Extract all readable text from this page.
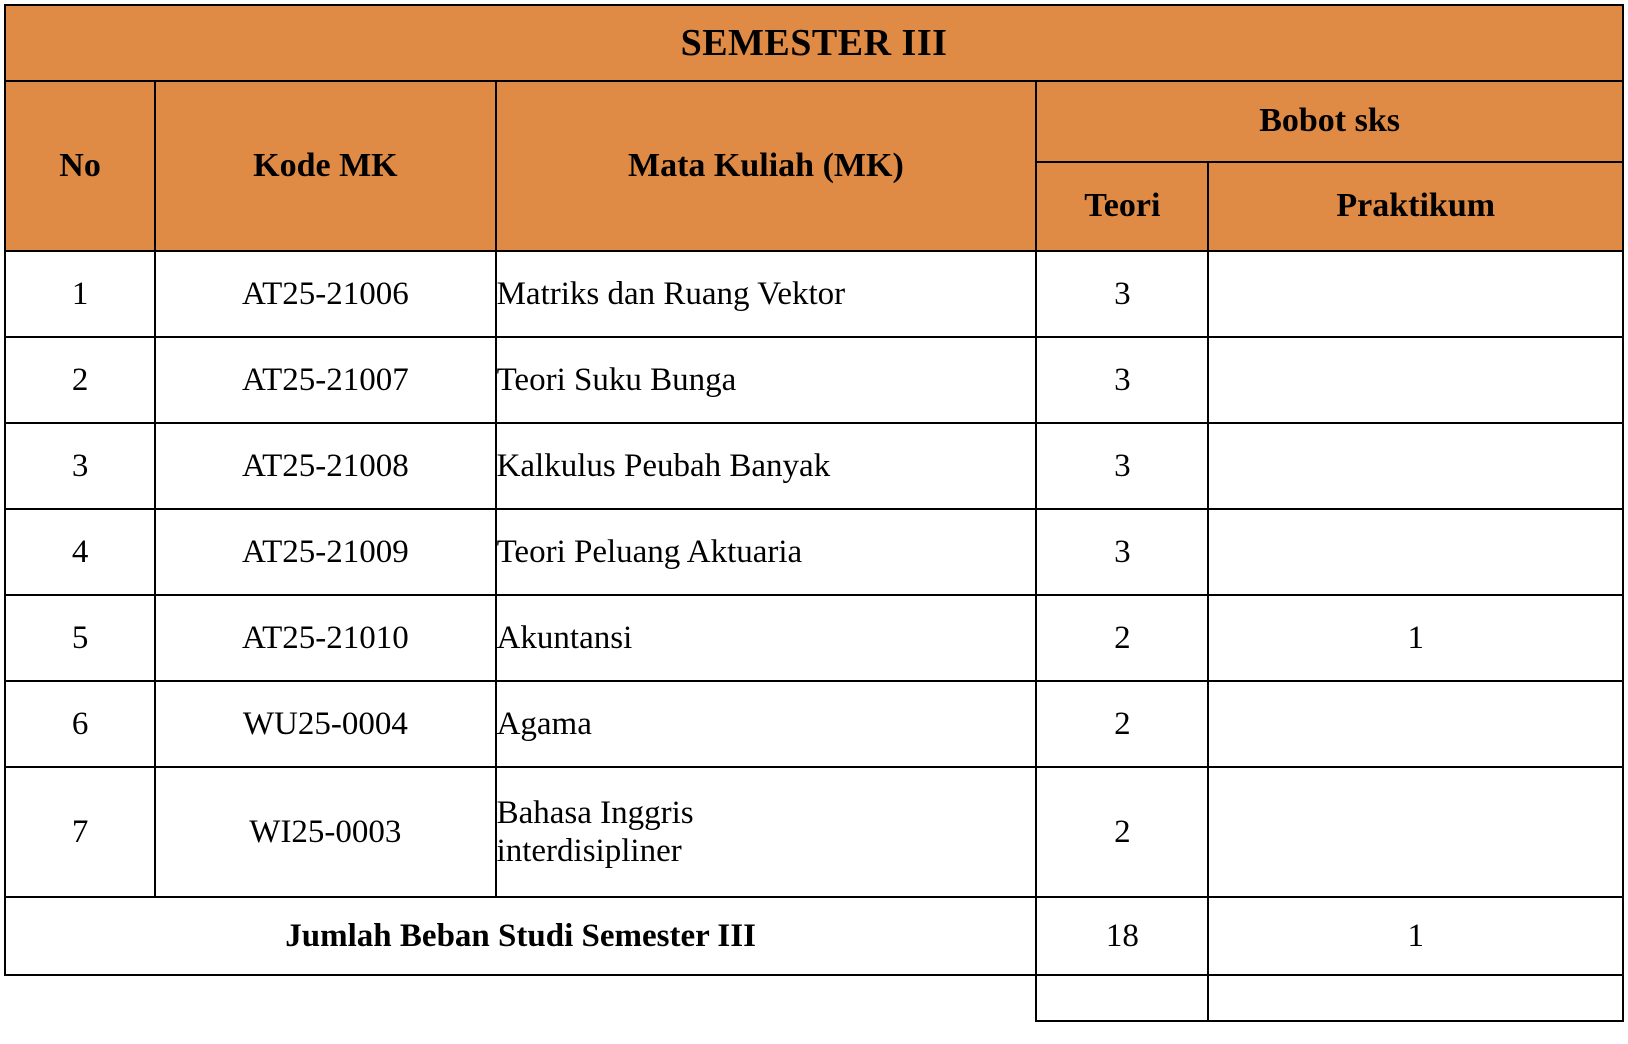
SEMESTER III				
No	Kode MK	Mata Kuliah (MK)	Bobot sks	
			Teori	Praktikum
1	AT25-21006	Matriks dan Ruang Vektor	3	
2	AT25-21007	Teori Suku Bunga	3	
3	AT25-21008	Kalkulus Peubah Banyak	3	
4	AT25-21009	Teori Peluang Aktuaria	3	
5	AT25-21010	Akuntansi	2	1
6	WU25-0004	Agama	2	
7	WI25-0003	Bahasa Inggris
interdisipliner	2	
Jumlah Beban Studi Semester III			18	1
